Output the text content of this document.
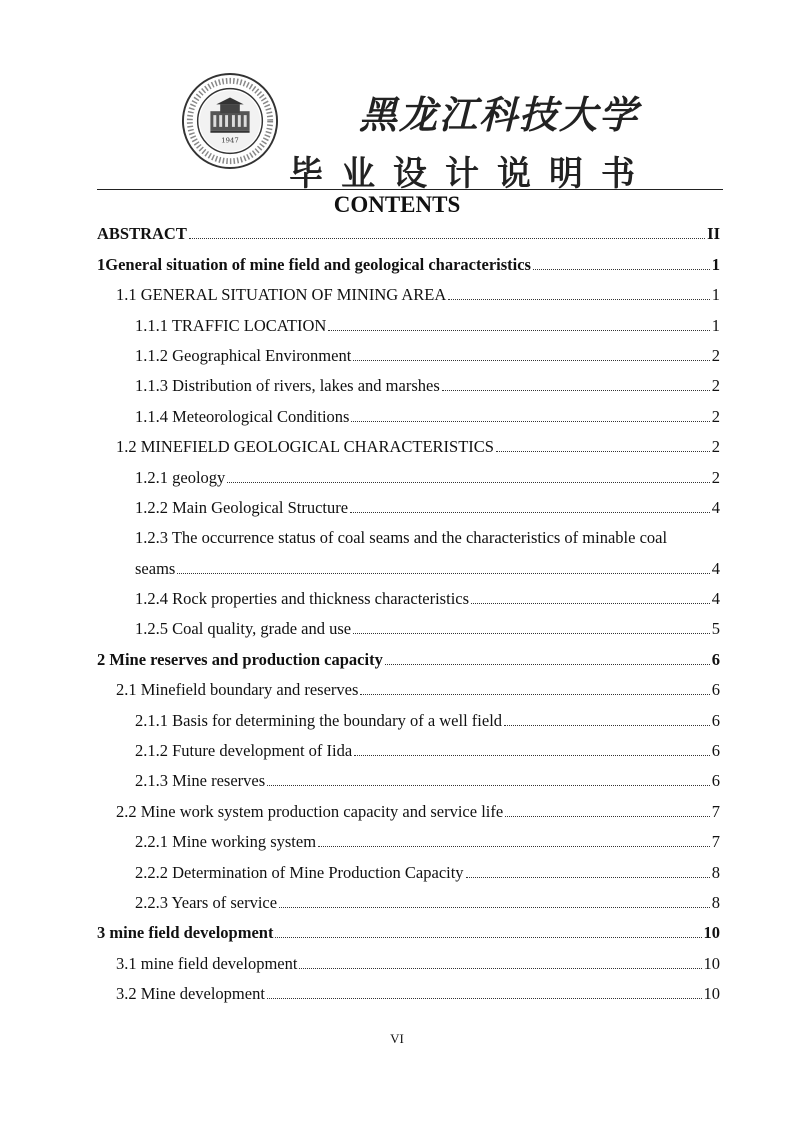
1947
黑龙江科技大学
毕业设计说明书
CONTENTS
ABSTRACT	II
1General situation of mine field and geological characteristics	1
1.1 GENERAL SITUATION OF MINING AREA	1
1.1.1 TRAFFIC LOCATION	1
1.1.2 Geographical Environment	2
1.1.3 Distribution of rivers, lakes and marshes	2
1.1.4 Meteorological Conditions	2
1.2 MINEFIELD GEOLOGICAL CHARACTERISTICS	2
1.2.1 geology	2
1.2.2 Main Geological Structure	4
1.2.3 The occurrence status of coal seams and the characteristics of minable coal
seams	4
1.2.4 Rock properties and thickness characteristics	4
1.2.5 Coal quality, grade and use	5
2 Mine reserves and production capacity	6
2.1 Minefield boundary and reserves	6
2.1.1 Basis for determining the boundary of a well field	6
2.1.2 Future development of Iida	6
2.1.3 Mine reserves	6
2.2 Mine work system production capacity and service life	7
2.2.1 Mine working system	7
2.2.2 Determination of Mine Production Capacity	8
2.2.3 Years of service	8
3 mine field development	10
3.1 mine field development	10
3.2 Mine development	10
VI
